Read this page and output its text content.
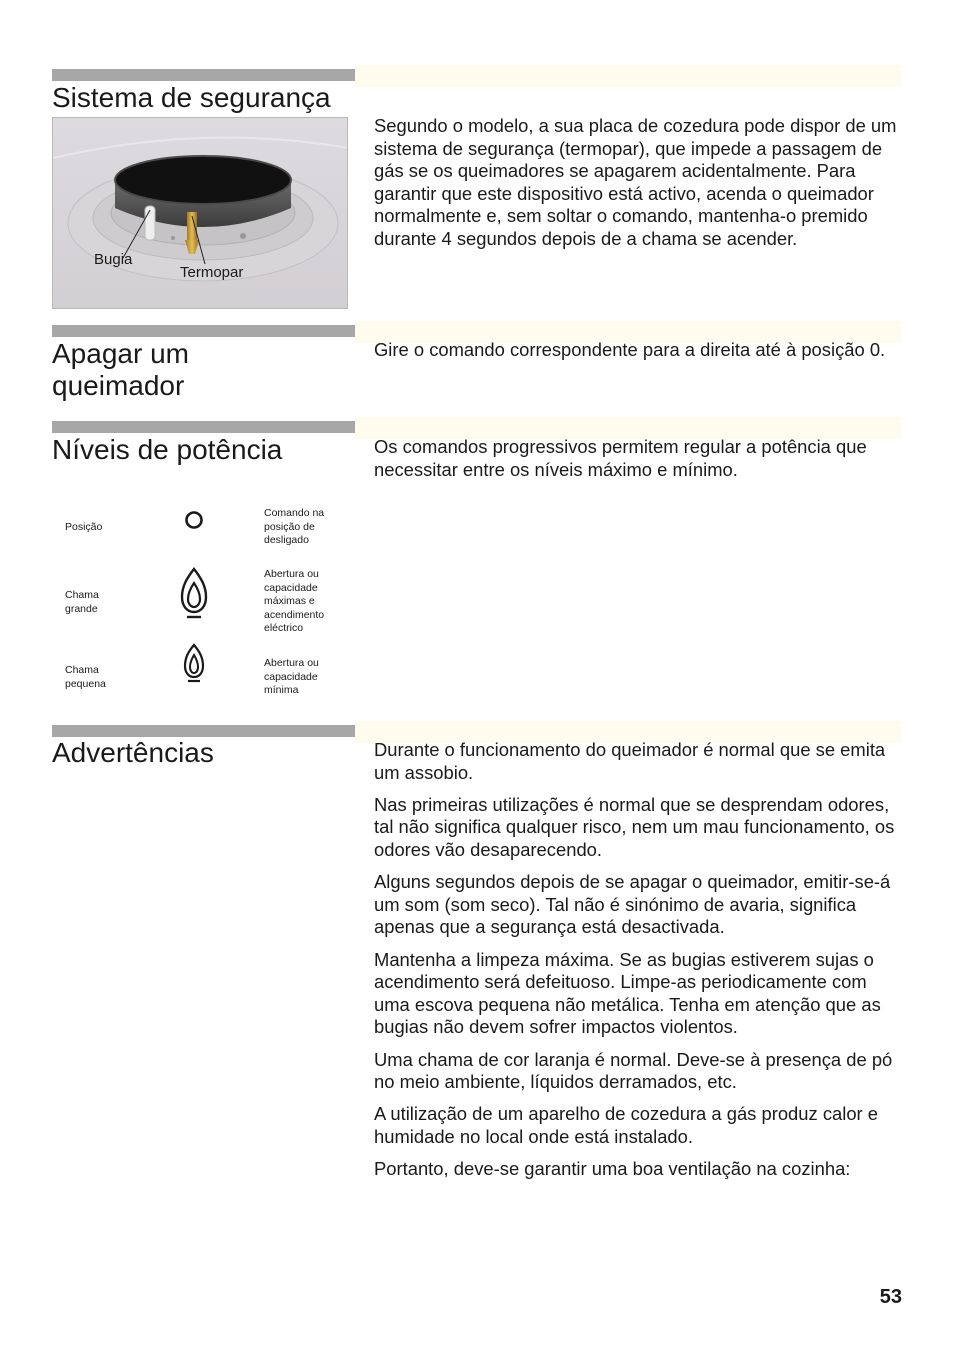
Sistema de segurança
Bugia
Termopar

Segundo o modelo, a sua placa de cozedura pode dispor de um sistema de segurança (termopar), que impede a passagem de gás se os queimadores se apagarem acidentalmente. Para garantir que este dispositivo está activo, acenda o queimador normalmente e, sem soltar o comando, mantenha-o premido durante 4 segundos depois de a chama se acender.

Apagar um
queimador

Gire o comando correspondente para a direita até à posição 0.

Níveis de potência	Os comandos progressivos permitem regular a potência que necessitar entre os níveis máximo e mínimo.

Posição
Comando na posição de desligado
Chama grande
Abertura ou capacidade máximas e acendimento eléctrico
Chama pequena
Abertura ou capacidade mínima
Advertências	Durante o funcionamento do queimador é normal que se emita um assobio.

Nas primeiras utilizações é normal que se desprendam odores, tal não significa qualquer risco, nem um mau funcionamento, os odores vão desaparecendo.

Alguns segundos depois de se apagar o queimador, emitir-se-á um som (som seco). Tal não é sinónimo de avaria, significa apenas que a segurança está desactivada.

Mantenha a limpeza máxima. Se as bugias estiverem sujas o acendimento será defeituoso. Limpe-as periodicamente com uma escova pequena não metálica. Tenha em atenção que as bugias não devem sofrer impactos violentos.

Uma chama de cor laranja é normal. Deve-se à presença de pó no meio ambiente, líquidos derramados, etc.

A utilização de um aparelho de cozedura a gás produz calor e humidade no local onde está instalado.

Portanto, deve-se garantir uma boa ventilação na cozinha:

53
